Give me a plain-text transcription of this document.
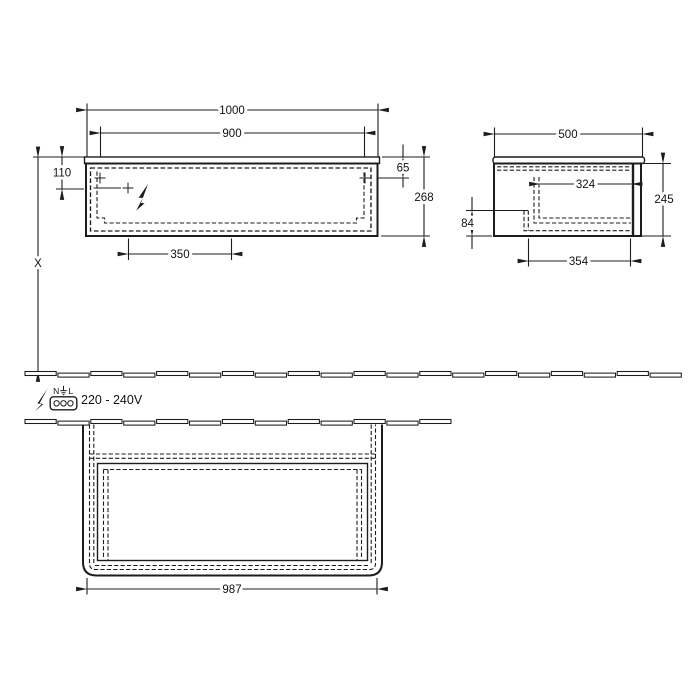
1000
900
110
X
65
268
350
500
324
245
84
354
N L
220 - 240V
987
